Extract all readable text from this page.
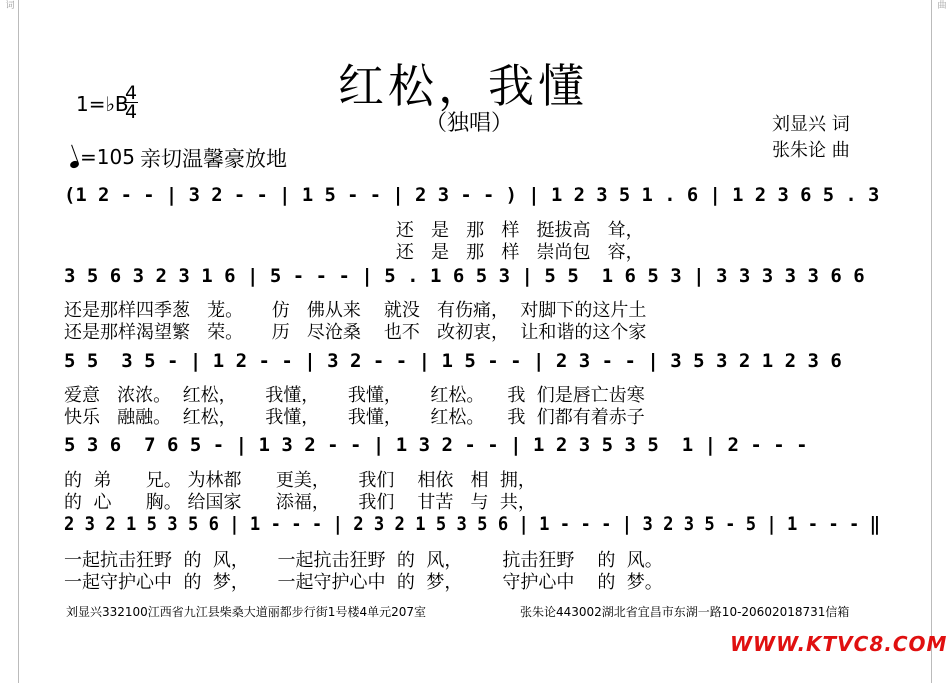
词	曲
红松，我懂
（独唱）
1=♭B
4
4
=105 亲切温馨豪放地
刘显兴 词
张朱论 曲
(1 2 - - | 3 2 - - | 1 5 - - | 2 3 - - ) | 1 2 3 5 1 . 6 | 1 2 3 6 5 . 3
还   是   那   样   挺拔高   耸，
还   是   那   样   崇尚包   容，
3 5 6 3 2 3 1 6 | 5 - - - | 5 . 1 6 5 3 | 5 5  1 6 5 3 | 3 3 3 3 3 6 6
还是那样四季葱   茏。     仿   佛从来    就没   有伤痛，  对脚下的这片土
还是那样渴望繁   荣。     历   尽沧桑    也不   改初衷，  让和谐的这个家
5 5  3 5 - | 1 2 - - | 3 2 - - | 1 5 - - | 2 3 - - | 3 5 3 2 1 2 3 6
爱意   浓浓。  红松，     我懂，     我懂，     红松。    我  们是唇亡齿寒
快乐   融融。  红松，     我懂，     我懂，     红松。    我  们都有着赤子
5 3 6  7 6 5 - | 1 3 2 - - | 1 3 2 - - | 1 2 3 5 3 5  1 | 2 - - -
的  弟      兄。 为林都      更美，     我们    相依   相  拥，
的  心      胸。 给国家      添福，     我们    甘苦   与  共，
2 3 2 1 5 3 5 6 | 1 - - - | 2 3 2 1 5 3 5 6 | 1 - - - | 3 2 3 5 - 5 | 1 - - - ‖
一起抗击狂野  的  风，     一起抗击狂野  的  风，       抗击狂野    的  风。
一起守护心中  的  梦，     一起守护心中  的  梦，       守护心中    的  梦。
刘显兴332100江西省九江县柴桑大道丽都步行街1号楼4单元207室	张朱论443002湖北省宜昌市东湖一路10-20602018731信箱
WWW.KTVC8.COM
